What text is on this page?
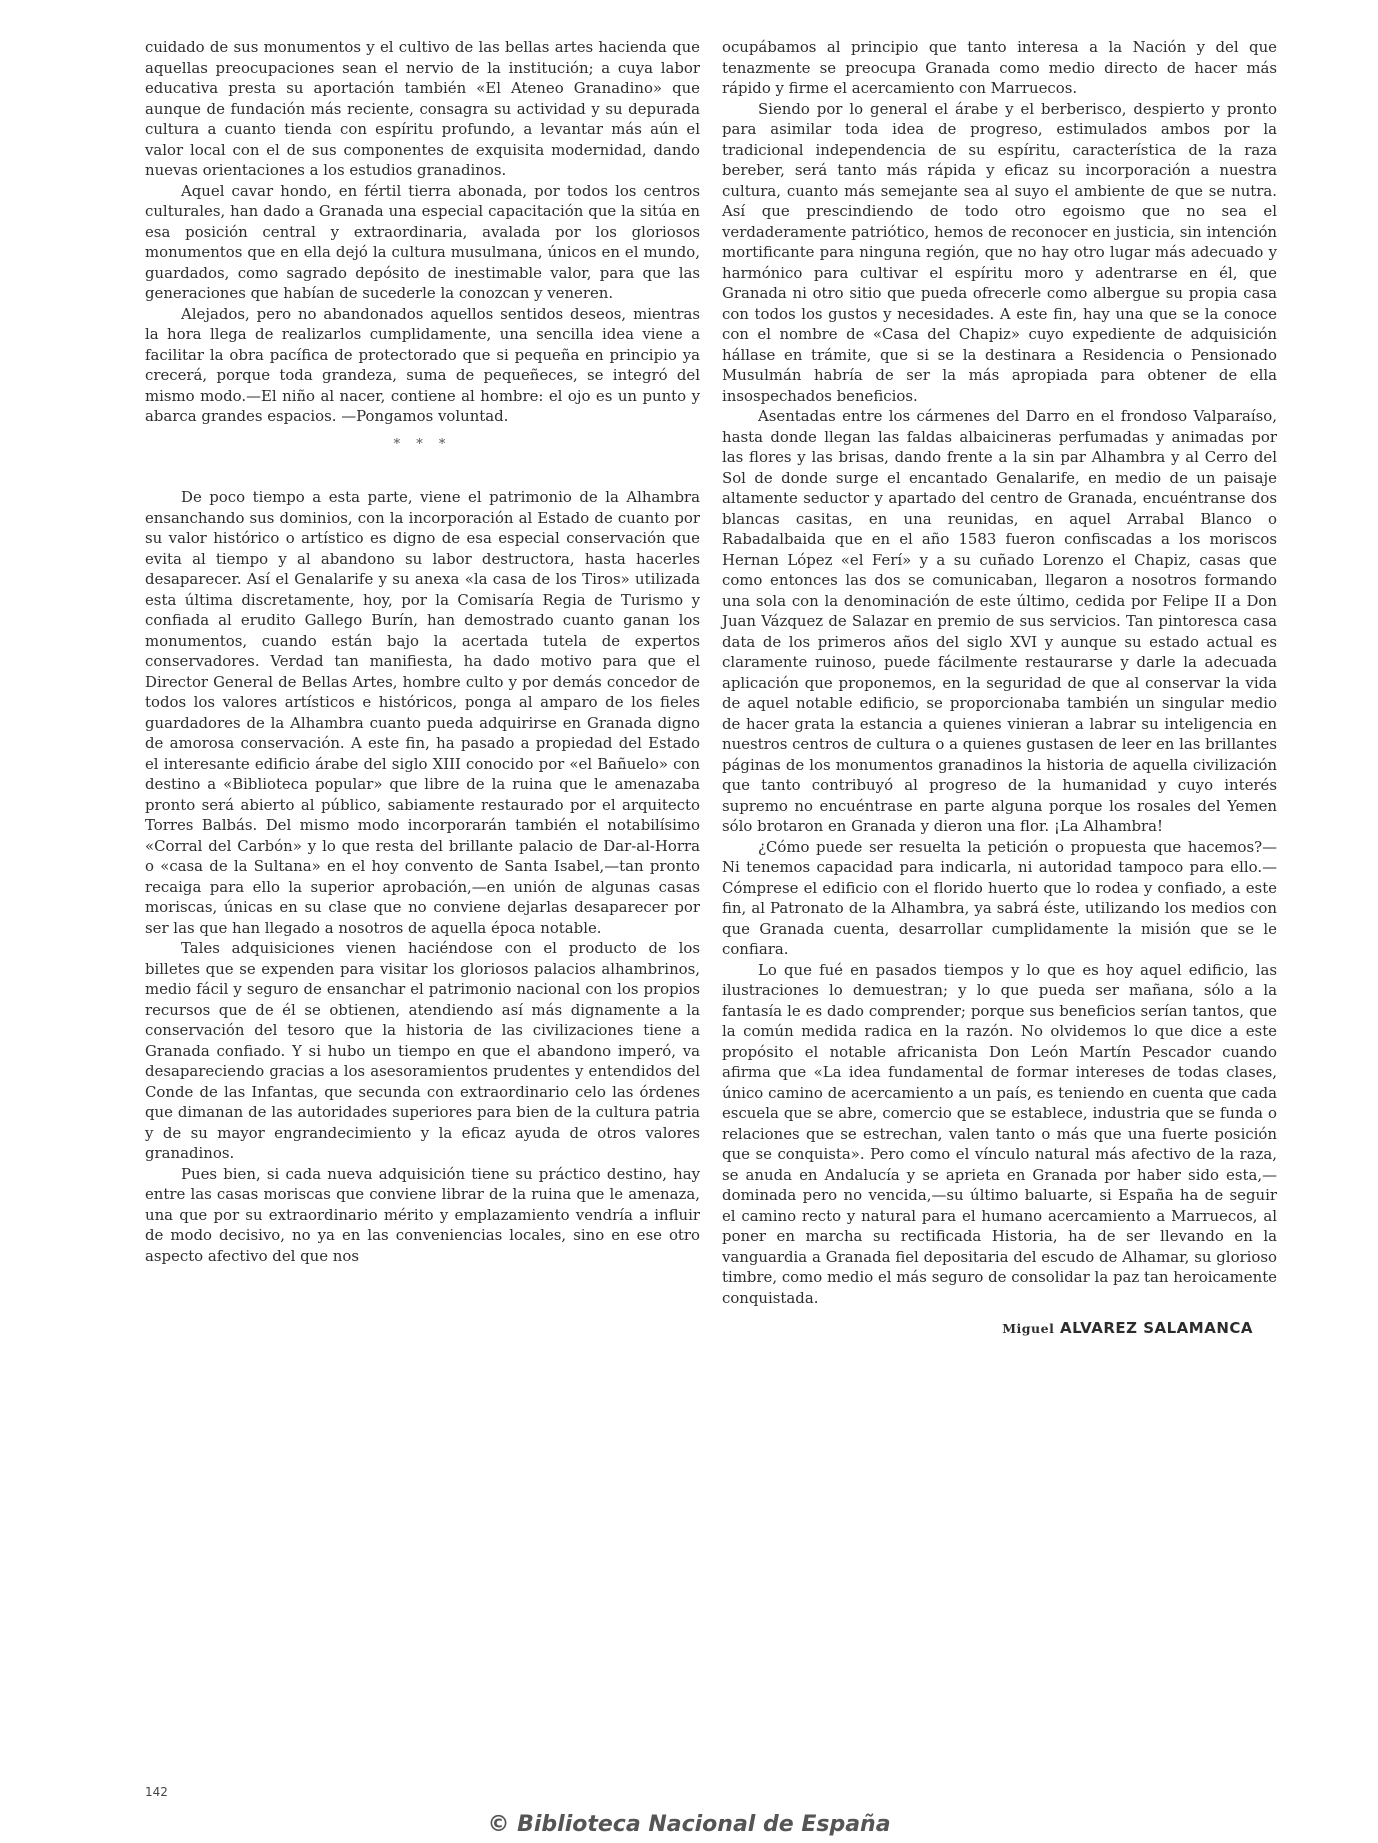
cuidado de sus monumentos y el cultivo de las bellas artes hacienda que aquellas preocupaciones sean el nervio de la institución; a cuya labor educativa presta su aportación también «El Ateneo Granadino» que aunque de fundación más reciente, consagra su actividad y su depurada cultura a cuanto tienda con espíritu profundo, a levantar más aún el valor local con el de sus componentes de exquisita modernidad, dando nuevas orientaciones a los estudios granadinos.

Aquel cavar hondo, en fértil tierra abonada, por todos los centros culturales, han dado a Granada una especial capacitación que la sitúa en esa posición central y extraordinaria, avalada por los gloriosos monumentos que en ella dejó la cultura musulmana, únicos en el mundo, guardados, como sagrado depósito de inestimable valor, para que las generaciones que habían de sucederle la conozcan y veneren.

Alejados, pero no abandonados aquellos sentidos deseos, mientras la hora llega de realizarlos cumplidamente, una sencilla idea viene a facilitar la obra pacífica de protectorado que si pequeña en principio ya crecerá, porque toda grandeza, suma de pequeñeces, se integró del mismo modo.—El niño al nacer, contiene al hombre: el ojo es un punto y abarca grandes espacios. —Pongamos voluntad.

* * *

De poco tiempo a esta parte, viene el patrimonio de la Alhambra ensanchando sus dominios, con la incorporación al Estado de cuanto por su valor histórico o artístico es digno de esa especial conservación que evita al tiempo y al abandono su labor destructora, hasta hacerles desaparecer. Así el Genalarife y su anexa «la casa de los Tiros» utilizada esta última discretamente, hoy, por la Comisaría Regia de Turismo y confiada al erudito Gallego Burín, han demostrado cuanto ganan los monumentos, cuando están bajo la acertada tutela de expertos conservadores. Verdad tan manifiesta, ha dado motivo para que el Director General de Bellas Artes, hombre culto y por demás concedor de todos los valores artísticos e históricos, ponga al amparo de los fieles guardadores de la Alhambra cuanto pueda adquirirse en Granada digno de amorosa conservación. A este fin, ha pasado a propiedad del Estado el interesante edificio árabe del siglo XIII conocido por «el Bañuelo» con destino a «Biblioteca popular» que libre de la ruina que le amenazaba pronto será abierto al público, sabiamente restaurado por el arquitecto Torres Balbás. Del mismo modo incorporarán también el notabilísimo «Corral del Carbón» y lo que resta del brillante palacio de Dar-al-Horra o «casa de la Sultana» en el hoy convento de Santa Isabel,—tan pronto recaiga para ello la superior aprobación,—en unión de algunas casas moriscas, únicas en su clase que no conviene dejarlas desaparecer por ser las que han llegado a nosotros de aquella época notable.

Tales adquisiciones vienen haciéndose con el producto de los billetes que se expenden para visitar los gloriosos palacios alhambrinos, medio fácil y seguro de ensanchar el patrimonio nacional con los propios recursos que de él se obtienen, atendiendo así más dignamente a la conservación del tesoro que la historia de las civilizaciones tiene a Granada confiado. Y si hubo un tiempo en que el abandono imperó, va desapareciendo gracias a los asesoramientos prudentes y entendidos del Conde de las Infantas, que secunda con extraordinario celo las órdenes que dimanan de las autoridades superiores para bien de la cultura patria y de su mayor engrandecimiento y la eficaz ayuda de otros valores granadinos.

Pues bien, si cada nueva adquisición tiene su práctico destino, hay entre las casas moriscas que conviene librar de la ruina que le amenaza, una que por su extraordinario mérito y emplazamiento vendría a influir de modo decisivo, no ya en las conveniencias locales, sino en ese otro aspecto afectivo del que nos

ocupábamos al principio que tanto interesa a la Nación y del que tenazmente se preocupa Granada como medio directo de hacer más rápido y firme el acercamiento con Marruecos.

Siendo por lo general el árabe y el berberisco, despierto y pronto para asimilar toda idea de progreso, estimulados ambos por la tradicional independencia de su espíritu, característica de la raza bereber, será tanto más rápida y eficaz su incorporación a nuestra cultura, cuanto más semejante sea al suyo el ambiente de que se nutra. Así que prescindiendo de todo otro egoismo que no sea el verdaderamente patriótico, hemos de reconocer en justicia, sin intención mortificante para ninguna región, que no hay otro lugar más adecuado y harmónico para cultivar el espíritu moro y adentrarse en él, que Granada ni otro sitio que pueda ofrecerle como albergue su propia casa con todos los gustos y necesidades. A este fin, hay una que se la conoce con el nombre de «Casa del Chapiz» cuyo expediente de adquisición hállase en trámite, que si se la destinara a Residencia o Pensionado Musulmán habría de ser la más apropiada para obtener de ella insospechados beneficios.

Asentadas entre los cármenes del Darro en el frondoso Valparaíso, hasta donde llegan las faldas albaicineras perfumadas y animadas por las flores y las brisas, dando frente a la sin par Alhambra y al Cerro del Sol de donde surge el encantado Genalarife, en medio de un paisaje altamente seductor y apartado del centro de Granada, encuéntranse dos blancas casitas, en una reunidas, en aquel Arrabal Blanco o Rabadalbaida que en el año 1583 fueron confiscadas a los moriscos Hernan López «el Ferí» y a su cuñado Lorenzo el Chapiz, casas que como entonces las dos se comunicaban, llegaron a nosotros formando una sola con la denominación de este último, cedida por Felipe II a Don Juan Vázquez de Salazar en premio de sus servicios. Tan pintoresca casa data de los primeros años del siglo XVI y aunque su estado actual es claramente ruinoso, puede fácilmente restaurarse y darle la adecuada aplicación que proponemos, en la seguridad de que al conservar la vida de aquel notable edificio, se proporcionaba también un singular medio de hacer grata la estancia a quienes vinieran a labrar su inteligencia en nuestros centros de cultura o a quienes gustasen de leer en las brillantes páginas de los monumentos granadinos la historia de aquella civilización que tanto contribuyó al progreso de la humanidad y cuyo interés supremo no encuéntrase en parte alguna porque los rosales del Yemen sólo brotaron en Granada y dieron una flor. ¡La Alhambra!

¿Cómo puede ser resuelta la petición o propuesta que hacemos?—Ni tenemos capacidad para indicarla, ni autoridad tampoco para ello.—Cómprese el edificio con el florido huerto que lo rodea y confiado, a este fin, al Patronato de la Alhambra, ya sabrá éste, utilizando los medios con que Granada cuenta, desarrollar cumplidamente la misión que se le confiara.

Lo que fué en pasados tiempos y lo que es hoy aquel edificio, las ilustraciones lo demuestran; y lo que pueda ser mañana, sólo a la fantasía le es dado comprender; porque sus beneficios serían tantos, que la común medida radica en la razón. No olvidemos lo que dice a este propósito el notable africanista Don León Martín Pescador cuando afirma que «La idea fundamental de formar intereses de todas clases, único camino de acercamiento a un país, es teniendo en cuenta que cada escuela que se abre, comercio que se establece, industria que se funda o relaciones que se estrechan, valen tanto o más que una fuerte posición que se conquista». Pero como el vínculo natural más afectivo de la raza, se anuda en Andalucía y se aprieta en Granada por haber sido esta,—dominada pero no vencida,—su último baluarte, si España ha de seguir el camino recto y natural para el humano acercamiento a Marruecos, al poner en marcha su rectificada Historia, ha de ser llevando en la vanguardia a Granada fiel depositaria del escudo de Alhamar, su glorioso timbre, como medio el más seguro de consolidar la paz tan heroicamente conquistada.

Miguel ALVAREZ SALAMANCA
142
© Biblioteca Nacional de España
